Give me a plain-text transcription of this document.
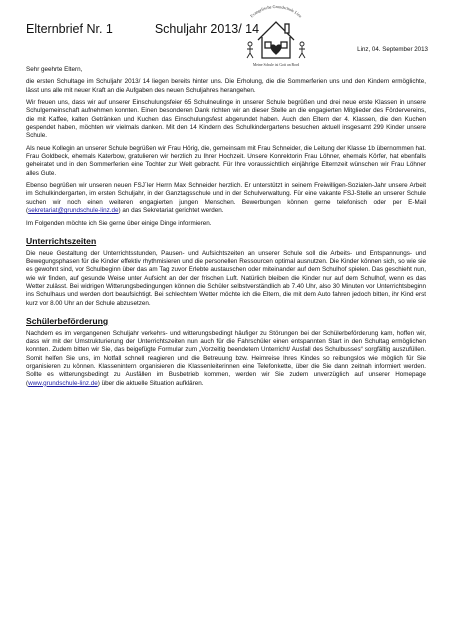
Elternbrief Nr. 1	Schuljahr 2013/ 14
Evangelische Grundschule Linz
Meine Schule ist Gott an Bord
Linz, 04. September 2013

Sehr geehrte Eltern,

die ersten Schultage im Schuljahr 2013/ 14 liegen bereits hinter uns. Die Erholung, die die Sommerferien uns und den Kindern ermöglichte, lässt uns alle mit neuer Kraft an die Aufgaben des neuen Schuljahres herangehen.

Wir freuen uns, dass wir auf unserer Einschulungsfeier 65 Schulneulinge in unserer Schule begrüßen und drei neue erste Klassen in unsere Schulgemeinschaft aufnehmen konnten. Einen besonderen Dank richten wir an dieser Stelle an die engagierten Mitglieder des Fördervereins, die mit Kaffee, kalten Getränken und Kuchen das Einschulungsfest abgerundet haben. Auch den Eltern der 4. Klassen, die den Kuchen gespendet haben, möchten wir vielmals danken. Mit den 14 Kindern des Schulkindergartens besuchen aktuell insgesamt 299 Kinder unsere Schule.

Als neue Kollegin an unserer Schule begrüßen wir Frau Hörig, die, gemeinsam mit Frau Schneider, die Leitung der Klasse 1b übernommen hat. Frau Goldbeck, ehemals Katerbow, gratulieren wir herzlich zu Ihrer Hochzeit. Unsere Konrektorin Frau Löhner, ehemals Körfer, hat ebenfalls geheiratet und in den Sommerferien eine Tochter zur Welt gebracht. Für Ihre voraussichtlich einjährige Elternzeit wünschen wir Frau Löhner alles Gute.

Ebenso begrüßen wir unseren neuen FSJ´ler Herrn Max Schneider herzlich. Er unterstützt in seinem Freiwilligen-Sozialen-Jahr unsere Arbeit im Schulkindergarten, im ersten Schuljahr, in der Ganztagsschule und in der Schulverwaltung. Für eine vakante FSJ-Stelle an unserer Schule suchen wir noch einen weiteren engagierten jungen Menschen. Bewerbungen können gerne telefonisch oder per E-Mail (sekretariat@grundschule-linz.de) an das Sekretariat gerichtet werden.

Im Folgenden möchte ich Sie gerne über einige Dinge informieren.

Unterrichtszeiten

Die neue Gestaltung der Unterrichtsstunden, Pausen- und Aufsichtszeiten an unserer Schule soll die Arbeits- und Entspannungs- und Bewegungsphasen für die Kinder effektiv rhythmisieren und die personellen Ressourcen optimal ausnutzen. Die Kinder können sich, so wie sie es gewohnt sind, vor Schulbeginn über das am Tag zuvor Erlebte austauschen oder miteinander auf dem Schulhof spielen. Das geschieht nun, wie wir finden, auf gesunde Weise unter Aufsicht an der der frischen Luft. Natürlich bleiben die Kinder nur auf dem Schulhof, wenn es das Wetter zulässt. Bei widrigen Witterungsbedingungen können die Schüler selbstverständlich ab 7.40 Uhr, also 30 Minuten vor Unterrichtsbeginn ins Schulhaus und werden dort beaufsichtigt. Bei schlechtem Wetter möchte ich die Eltern, die mit dem Auto fahren jedoch bitten, ihr Kind erst kurz vor 8.00 Uhr an der Schule abzusetzen.

Schülerbeförderung

Nachdem es im vergangenen Schuljahr verkehrs- und witterungsbedingt häufiger zu Störungen bei der Schülerbeförderung kam, hoffen wir, dass wir mit der Umstrukturierung der Unterrichtszeiten nun auch für die Fahrschüler einen entspannten Start in den Schultag ermöglichen konnten. Zudem bitten wir Sie, das beigefügte Formular zum „Vorzeitig beendetem Unterricht/ Ausfall des Schulbusses“ sorgfältig auszufüllen. Somit helfen Sie uns, im Notfall schnell reagieren und die Betreuung bzw. Heimreise Ihres Kindes so reibungslos wie möglich für Sie organisieren zu können. Klassenintern organisieren die Klassenleiterinnen eine Telefonkette, über die Sie dann zeitnah informiert werden. Sollte es witterungsbedingt zu Ausfällen im Busbetrieb kommen, werden wir Sie zudem unverzüglich auf unserer Homepage (www.grundschule-linz.de) über die aktuelle Situation aufklären.
